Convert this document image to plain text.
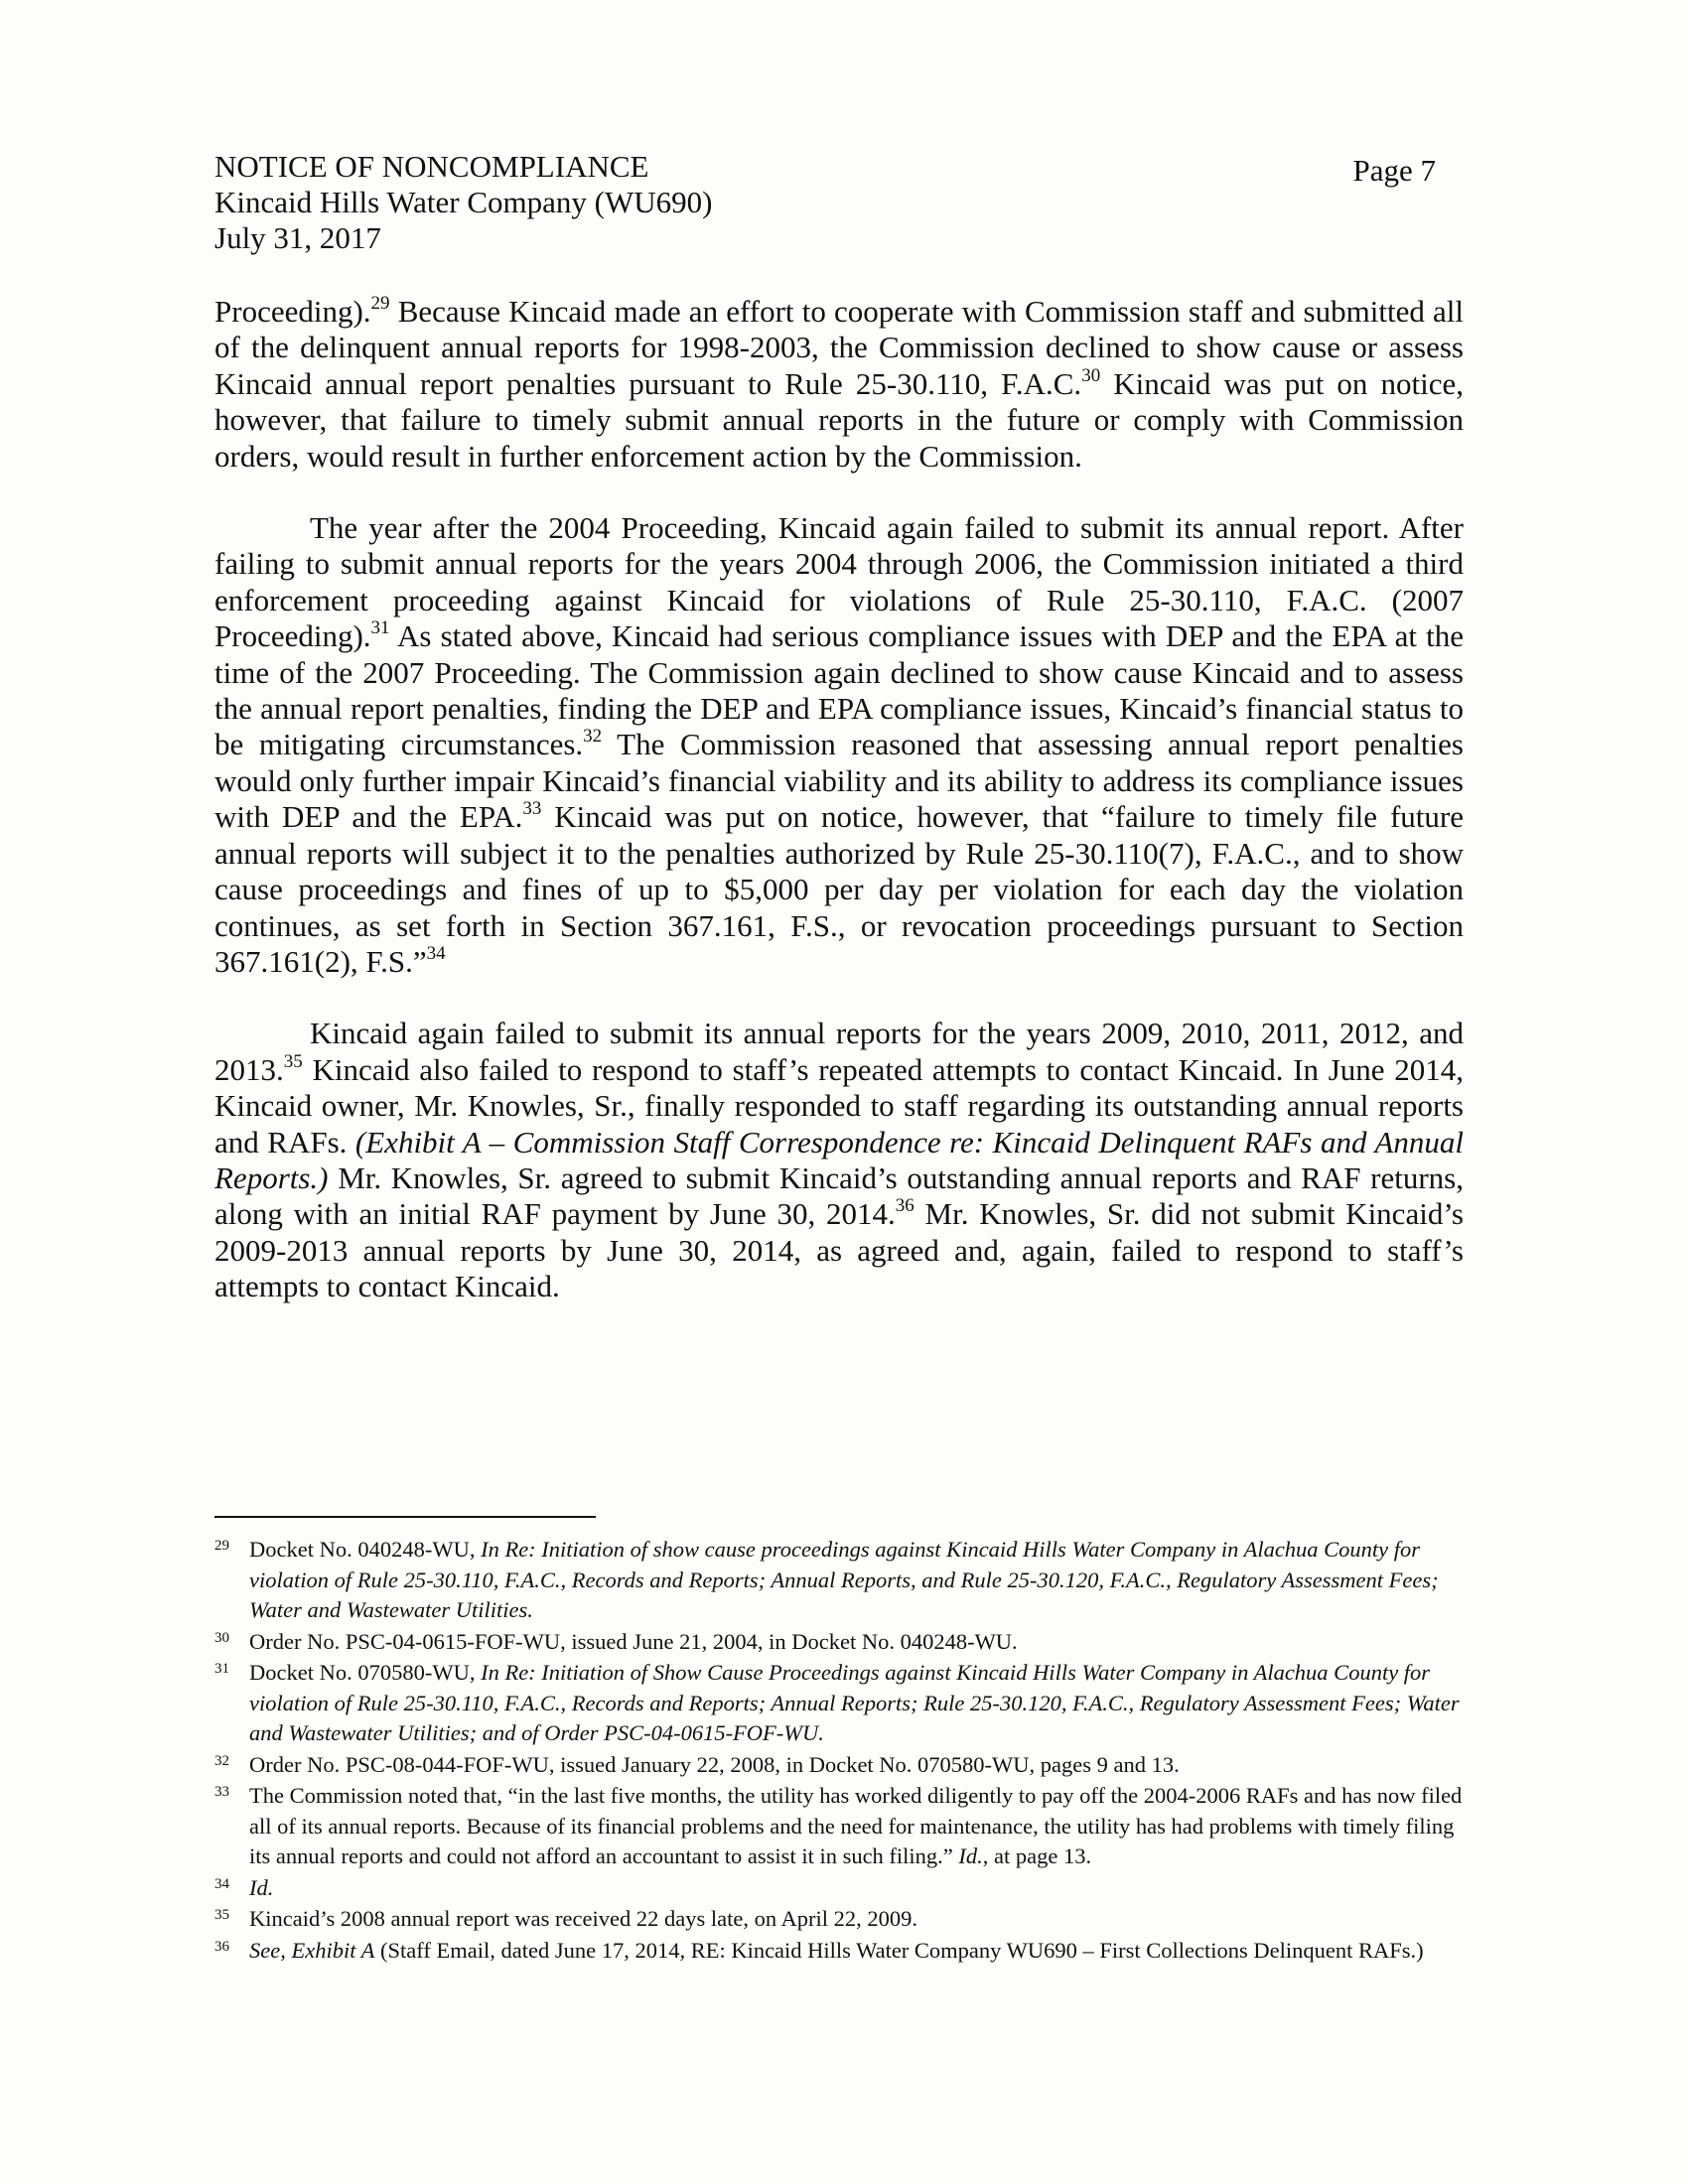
NOTICE OF NONCOMPLIANCE
Kincaid Hills Water Company (WU690)
July 31, 2017
Page 7

Proceeding).$^{29}$ Because Kincaid made an effort to cooperate with Commission staff and submitted all of the delinquent annual reports for 1998-2003, the Commission declined to show cause or assess Kincaid annual report penalties pursuant to Rule 25-30.110, F.A.C.$^{30}$ Kincaid was put on notice, however, that failure to timely submit annual reports in the future or comply with Commission orders, would result in further enforcement action by the Commission.

The year after the 2004 Proceeding, Kincaid again failed to submit its annual report. After failing to submit annual reports for the years 2004 through 2006, the Commission initiated a third enforcement proceeding against Kincaid for violations of Rule 25-30.110, F.A.C. (2007 Proceeding).$^{31}$ As stated above, Kincaid had serious compliance issues with DEP and the EPA at the time of the 2007 Proceeding. The Commission again declined to show cause Kincaid and to assess the annual report penalties, finding the DEP and EPA compliance issues, Kincaid’s financial status to be mitigating circumstances.$^{32}$ The Commission reasoned that assessing annual report penalties would only further impair Kincaid’s financial viability and its ability to address its compliance issues with DEP and the EPA.$^{33}$ Kincaid was put on notice, however, that “failure to timely file future annual reports will subject it to the penalties authorized by Rule 25-30.110(7), F.A.C., and to show cause proceedings and fines of up to $5,000 per day per violation for each day the violation continues, as set forth in Section 367.161, F.S., or revocation proceedings pursuant to Section 367.161(2), F.S.”$^{34}$

Kincaid again failed to submit its annual reports for the years 2009, 2010, 2011, 2012, and 2013.35 Kincaid also failed to respond to staff’s repeated attempts to contact Kincaid. In June 2014, Kincaid owner, Mr. Knowles, Sr., finally responded to staff regarding its outstanding annual reports and RAFs. (Exhibit A – Commission Staff Correspondence re: Kincaid Delinquent RAFs and Annual Reports.) Mr. Knowles, Sr. agreed to submit Kincaid’s outstanding annual reports and RAF returns, along with an initial RAF payment by June 30, 2014.36 Mr. Knowles, Sr. did not submit Kincaid’s 2009-2013 annual reports by June 30, 2014, as agreed and, again, failed to respond to staff’s attempts to contact Kincaid.

29 Docket No. 040248-WU, In Re: Initiation of show cause proceedings against Kincaid Hills Water Company in Alachua County for violation of Rule 25-30.110, F.A.C., Records and Reports; Annual Reports, and Rule 25-30.120, F.A.C., Regulatory Assessment Fees; Water and Wastewater Utilities.
30 Order No. PSC-04-0615-FOF-WU, issued June 21, 2004, in Docket No. 040248-WU.
31 Docket No. 070580-WU, In Re: Initiation of Show Cause Proceedings against Kincaid Hills Water Company in Alachua County for violation of Rule 25-30.110, F.A.C., Records and Reports; Annual Reports; Rule 25-30.120, F.A.C., Regulatory Assessment Fees; Water and Wastewater Utilities; and of Order PSC-04-0615-FOF-WU.
32 Order No. PSC-08-044-FOF-WU, issued January 22, 2008, in Docket No. 070580-WU, pages 9 and 13.
33 The Commission noted that, “in the last five months, the utility has worked diligently to pay off the 2004-2006 RAFs and has now filed all of its annual reports. Because of its financial problems and the need for maintenance, the utility has had problems with timely filing its annual reports and could not afford an accountant to assist it in such filing.” Id., at page 13.
34 Id.
35 Kincaid’s 2008 annual report was received 22 days late, on April 22, 2009.
36 See, Exhibit A (Staff Email, dated June 17, 2014, RE: Kincaid Hills Water Company WU690 – First Collections Delinquent RAFs.)
